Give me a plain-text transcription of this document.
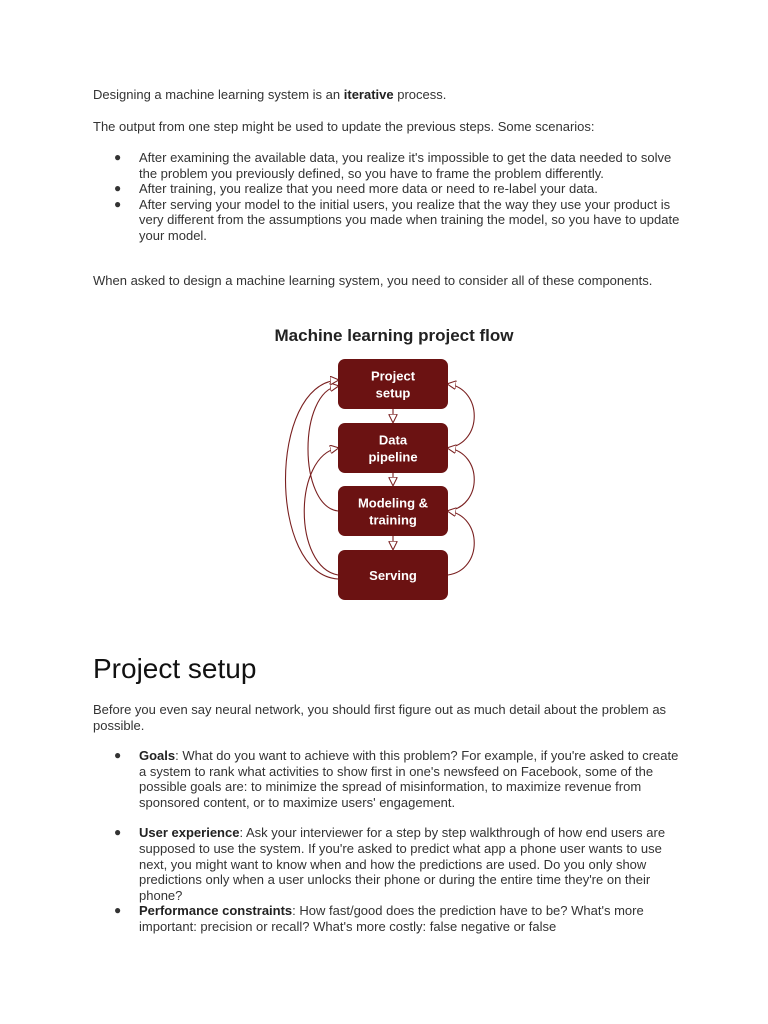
Designing a machine learning system is an iterative process.

The output from one step might be used to update the previous steps. Some scenarios:

● After examining the available data, you realize it's impossible to get the data needed to solve the problem you previously defined, so you have to frame the problem differently.
● After training, you realize that you need more data or need to re-label your data.
● After serving your model to the initial users, you realize that the way they use your product is very different from the assumptions you made when training the model, so you have to update your model.

When asked to design a machine learning system, you need to consider all of these components.

Project setup

Before you even say neural network, you should first figure out as much detail about the problem as possible.

● Goals: What do you want to achieve with this problem? For example, if you're asked to create a system to rank what activities to show first in one's newsfeed on Facebook, some of the possible goals are: to minimize the spread of misinformation, to maximize revenue from sponsored content, or to maximize users' engagement.
● User experience: Ask your interviewer for a step by step walkthrough of how end users are supposed to use the system. If you're asked to predict what app a phone user wants to use next, you might want to know when and how the predictions are used. Do you only show predictions only when a user unlocks their phone or during the entire time they're on their phone?
● Performance constraints: How fast/good does the prediction have to be? What's more important: precision or recall? What's more costly: false negative or false
Machine learning project flow
Project setup
Data pipeline
Modeling & training
Serving
